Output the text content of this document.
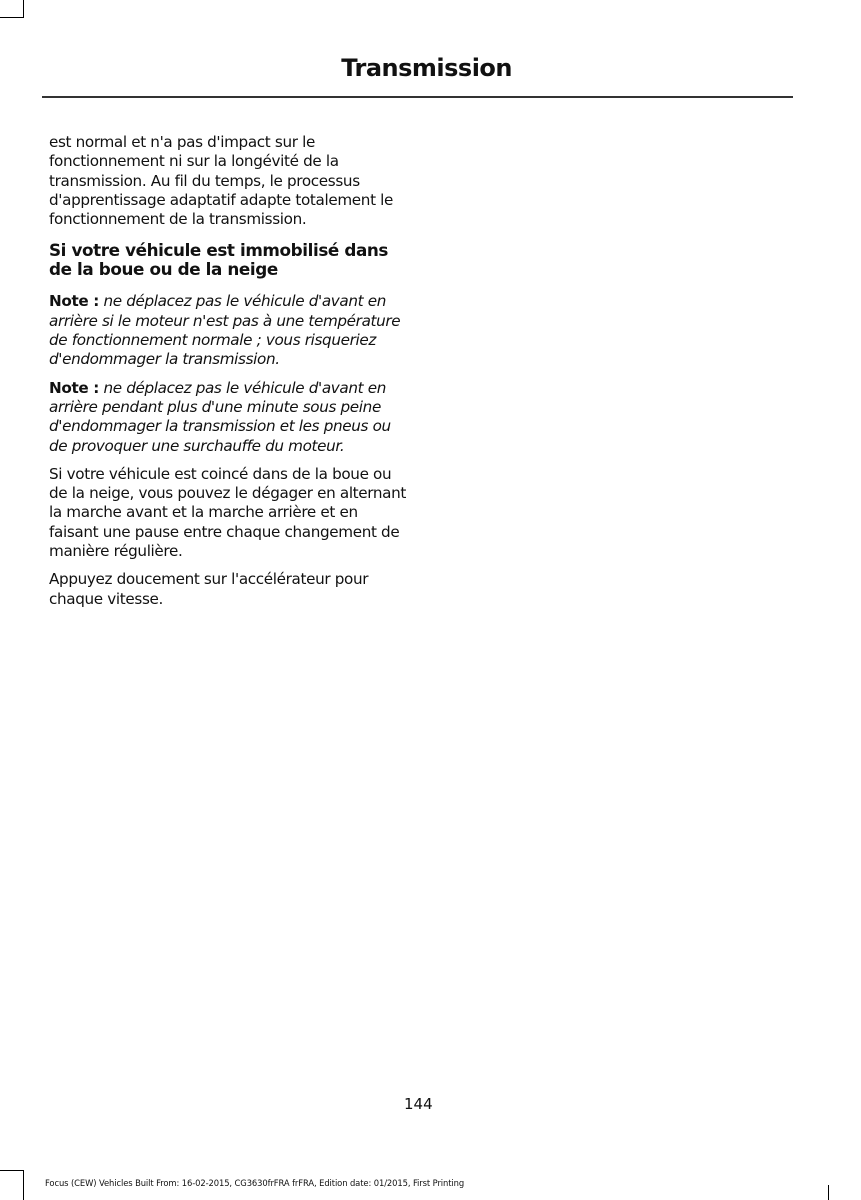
Transmission

est normal et n'a pas d'impact sur le fonctionnement ni sur la longévité de la transmission. Au fil du temps, le processus d'apprentissage adaptatif adapte totalement le fonctionnement de la transmission.

Si votre véhicule est immobilisé dans de la boue ou de la neige

Note : ne déplacez pas le véhicule d'avant en arrière si le moteur n'est pas à une température de fonctionnement normale ; vous risqueriez d'endommager la transmission.

Note : ne déplacez pas le véhicule d'avant en arrière pendant plus d'une minute sous peine d'endommager la transmission et les pneus ou de provoquer une surchauffe du moteur.

Si votre véhicule est coincé dans de la boue ou de la neige, vous pouvez le dégager en alternant la marche avant et la marche arrière et en faisant une pause entre chaque changement de manière régulière.

Appuyez doucement sur l'accélérateur pour chaque vitesse.

144
Focus (CEW) Vehicles Built From: 16-02-2015, CG3630frFRA frFRA, Edition date: 01/2015, First Printing
